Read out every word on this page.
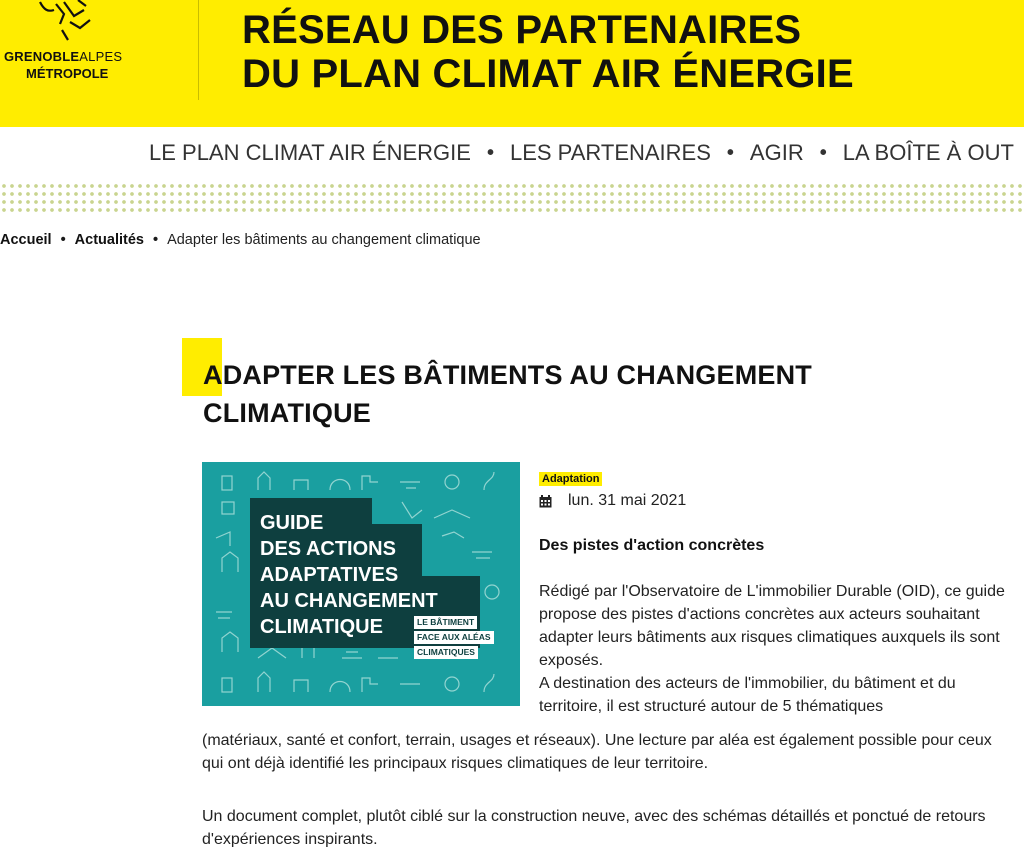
GRENOBLEALPES
MÉTROPOLE
RÉSEAU DES PARTENAIRES
DU PLAN CLIMAT AIR ÉNERGIE
LE PLAN CLIMAT AIR ÉNERGIE • LES PARTENAIRES • AGIR • LA BOÎTE À OUT
Accueil • Actualités • Adapter les bâtiments au changement climatique
ADAPTER LES BÂTIMENTS AU CHANGEMENT CLIMATIQUE
GUIDE
DES ACTIONS
ADAPTATIVES
AU CHANGEMENT
CLIMATIQUE	LE BÂTIMENT
FACE AUX ALÉAS
CLIMATIQUES
Adaptation
lun. 31 mai 2021
Des pistes d'action concrètes
Rédigé par l'Observatoire de L'immobilier Durable (OID), ce guide propose des pistes d'actions concrètes aux acteurs souhaitant adapter leurs bâtiments aux risques climatiques auxquels ils sont exposés.
A destination des acteurs de l'immobilier, du bâtiment et du territoire, il est structuré autour de 5 thématiques
(matériaux, santé et confort, terrain, usages et réseaux). Une lecture par aléa est également possible pour ceux qui ont déjà identifié les principaux risques climatiques de leur territoire.
Un document complet, plutôt ciblé sur la construction neuve, avec des schémas détaillés et ponctué de retours d'expériences inspirants.
